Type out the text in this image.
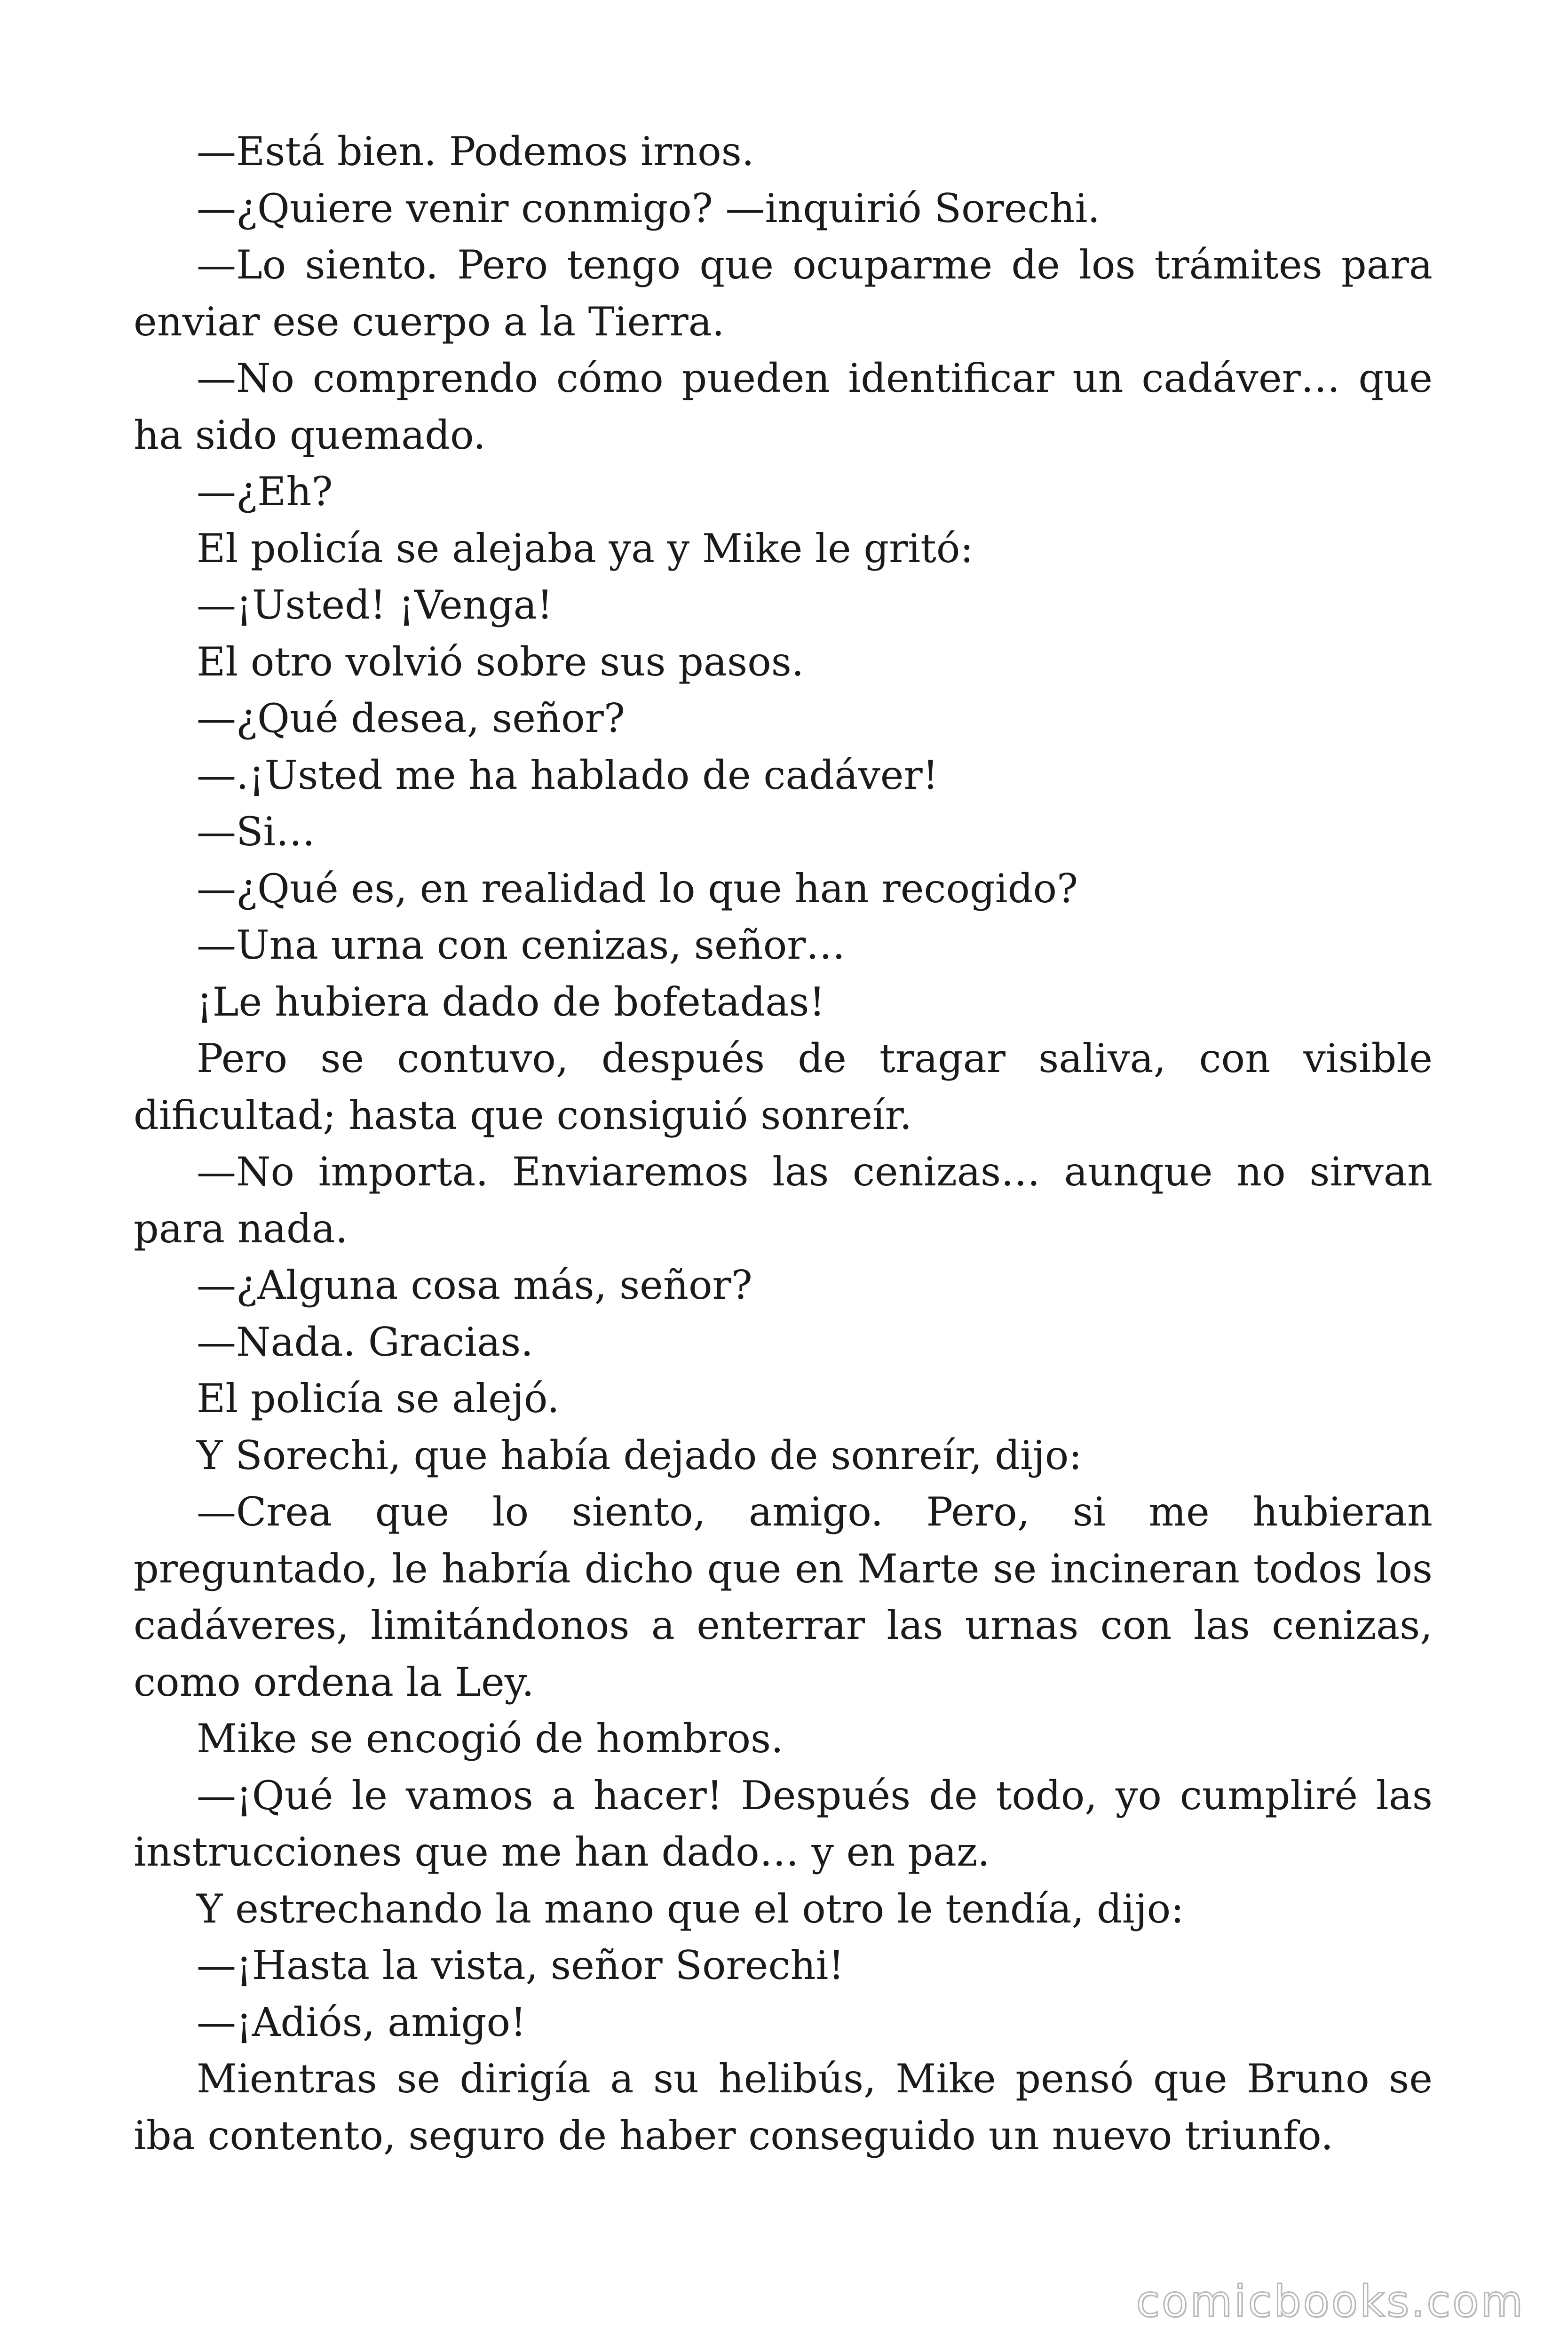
—Está bien. Podemos irnos.

—¿Quiere venir conmigo? —inquirió Sorechi.

—Lo siento. Pero tengo que ocuparme de los trámites para enviar ese cuerpo a la Tierra.

—No comprendo cómo pueden identificar un cadáver… que ha sido quemado.

—¿Eh?

El policía se alejaba ya y Mike le gritó:

—¡Usted! ¡Venga!

El otro volvió sobre sus pasos.

—¿Qué desea, señor?

—.¡Usted me ha hablado de cadáver!

—Si…

—¿Qué es, en realidad lo que han recogido?

—Una urna con cenizas, señor…

¡Le hubiera dado de bofetadas!

Pero se contuvo, después de tragar saliva, con visible dificultad; hasta que consiguió sonreír.

—No importa. Enviaremos las cenizas… aunque no sirvan para nada.

—¿Alguna cosa más, señor?

—Nada. Gracias.

El policía se alejó.

Y Sorechi, que había dejado de sonreír, dijo:

—Crea que lo siento, amigo. Pero, si me hubieran preguntado, le habría dicho que en Marte se incineran todos los cadáveres, limitándonos a enterrar las urnas con las cenizas, como ordena la Ley.

Mike se encogió de hombros.

—¡Qué le vamos a hacer! Después de todo, yo cumpliré las instrucciones que me han dado… y en paz.

Y estrechando la mano que el otro le tendía, dijo:

—¡Hasta la vista, señor Sorechi!

—¡Adiós, amigo!

Mientras se dirigía a su helibús, Mike pensó que Bruno se iba contento, seguro de haber conseguido un nuevo triunfo.

comicbooks.com
